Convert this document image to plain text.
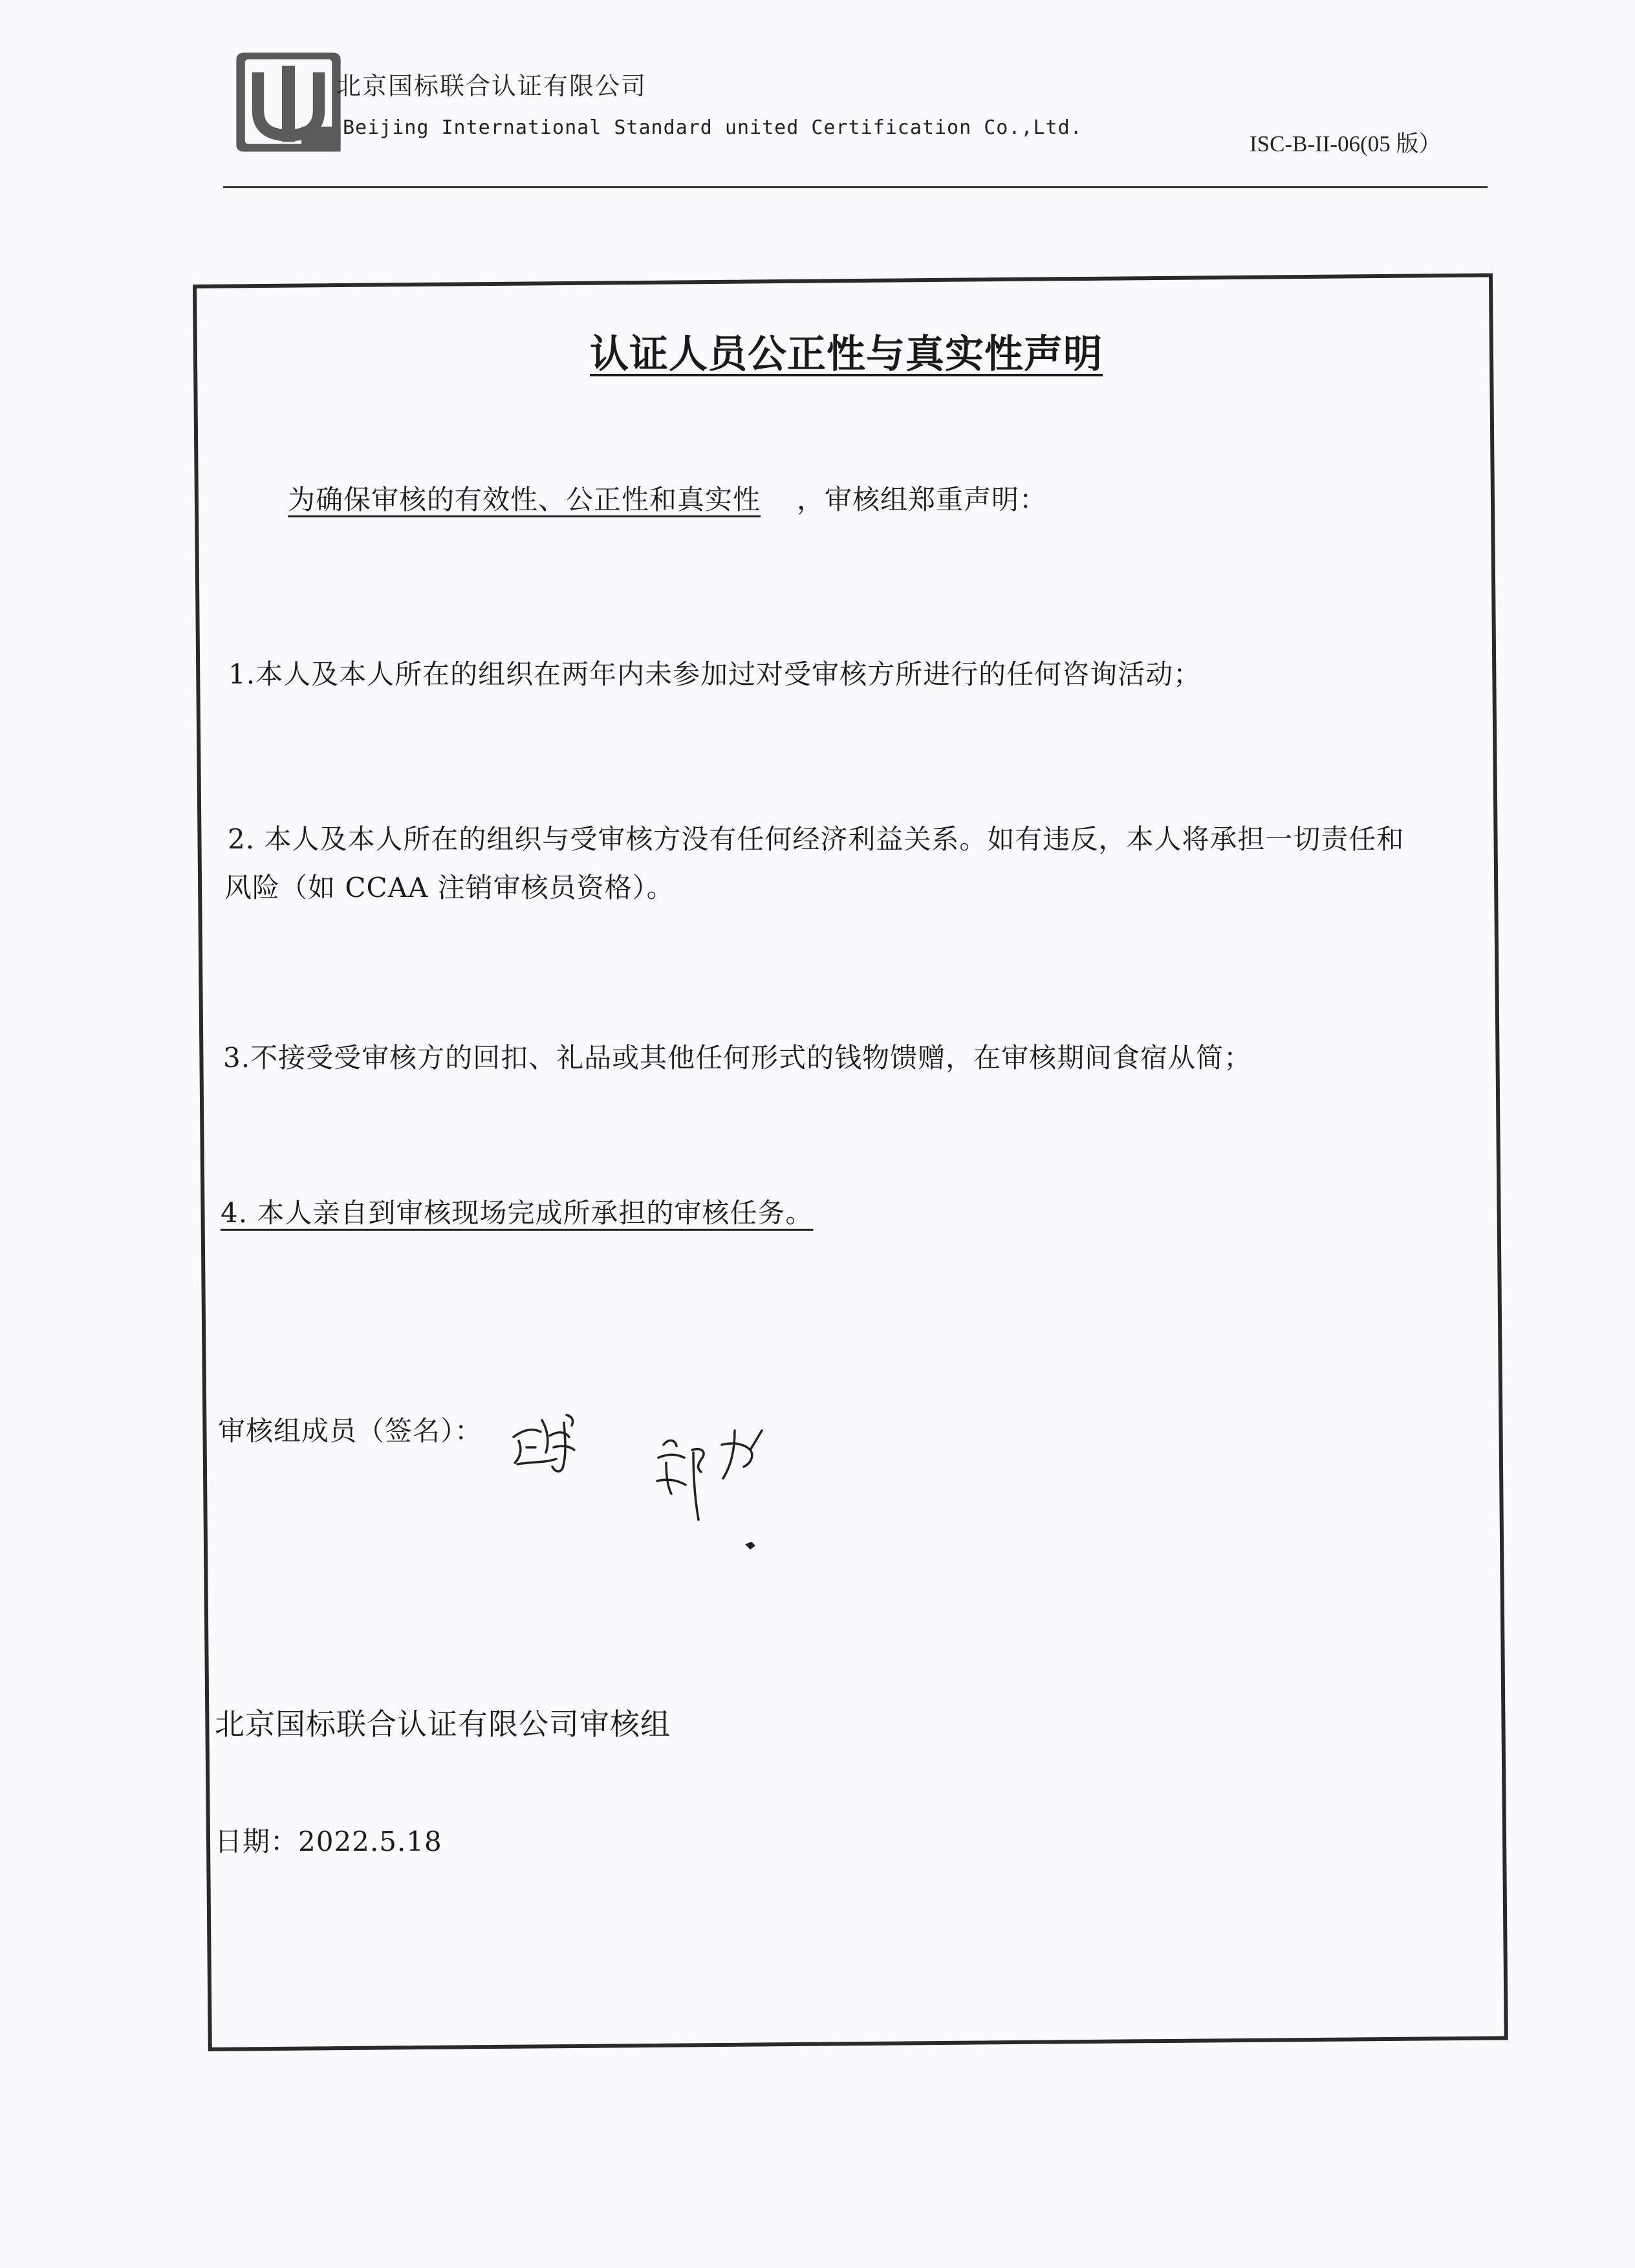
北京国标联合认证有限公司
Beijing International Standard united Certification Co.,Ltd.
ISC-B-II-06(05 版）
认证人员公正性与真实性声明
为确保审核的有效性、公正性和真实性 ，审核组郑重声明：
1.本人及本人所在的组织在两年内未参加过对受审核方所进行的任何咨询活动；
2. 本人及本人所在的组织与受审核方没有任何经济利益关系。如有违反，本人将承担一切责任和
风险（如 CCAA 注销审核员资格）。
3.不接受受审核方的回扣、礼品或其他任何形式的钱物馈赠，在审核期间食宿从简；
4. 本人亲自到审核现场完成所承担的审核任务。
审核组成员（签名）：
北京国标联合认证有限公司审核组
日期：2022.5.18
